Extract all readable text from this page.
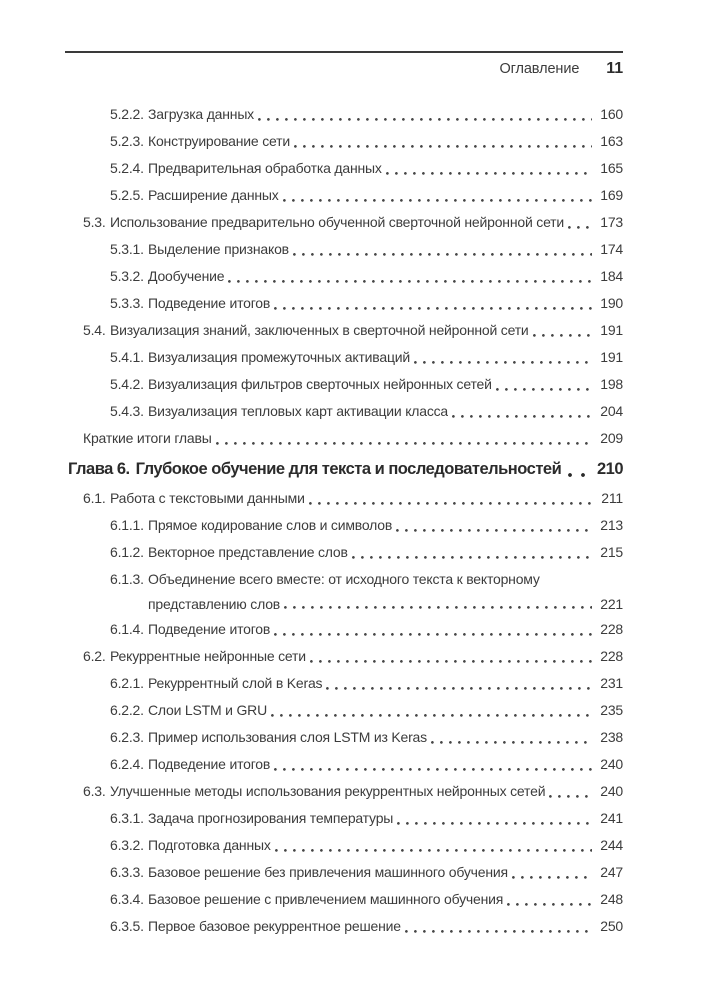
Оглавление 11
5.2.2. Загрузка данных	160
5.2.3. Конструирование сети	163
5.2.4. Предварительная обработка данных	165
5.2.5. Расширение данных	169
5.3. Использование предварительно обученной сверточной нейронной сети	173
5.3.1. Выделение признаков	174
5.3.2. Дообучение	184
5.3.3. Подведение итогов	190
5.4. Визуализация знаний, заключенных в сверточной нейронной сети	191
5.4.1. Визуализация промежуточных активаций	191
5.4.2. Визуализация фильтров сверточных нейронных сетей	198
5.4.3. Визуализация тепловых карт активации класса	204
Краткие итоги главы	209
Глава 6. Глубокое обучение для текста и последовательностей 210
6.1. Работа с текстовыми данными	211
6.1.1. Прямое кодирование слов и символов	213
6.1.2. Векторное представление слов	215
6.1.3. Объединение всего вместе: от исходного текста к векторному
представлению слов	221
6.1.4. Подведение итогов	228
6.2. Рекуррентные нейронные сети	228
6.2.1. Рекуррентный слой в Keras	231
6.2.2. Слои LSTM и GRU	235
6.2.3. Пример использования слоя LSTM из Keras	238
6.2.4. Подведение итогов	240
6.3. Улучшенные методы использования рекуррентных нейронных сетей	240
6.3.1. Задача прогнозирования температуры	241
6.3.2. Подготовка данных	244
6.3.3. Базовое решение без привлечения машинного обучения	247
6.3.4. Базовое решение с привлечением машинного обучения	248
6.3.5. Первое базовое рекуррентное решение	250
